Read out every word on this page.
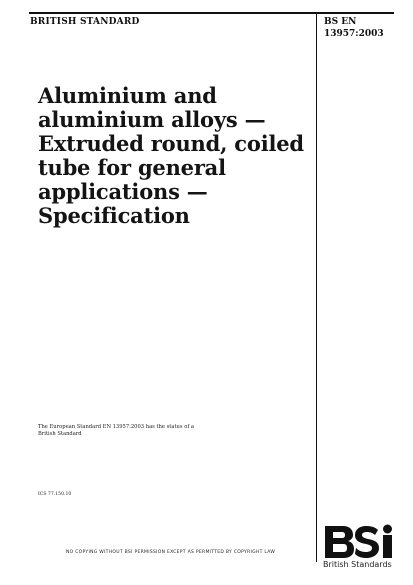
BRITISH STANDARD	BS EN
13957:2003
Aluminium and
aluminium alloys —
Extruded round, coiled
tube for general
applications —
Specification
The European Standard EN 13957:2003 has the status of a
British Standard
ICS 77.150.10
NO COPYING WITHOUT BSI PERMISSION EXCEPT AS PERMITTED BY COPYRIGHT LAW
British Standards
